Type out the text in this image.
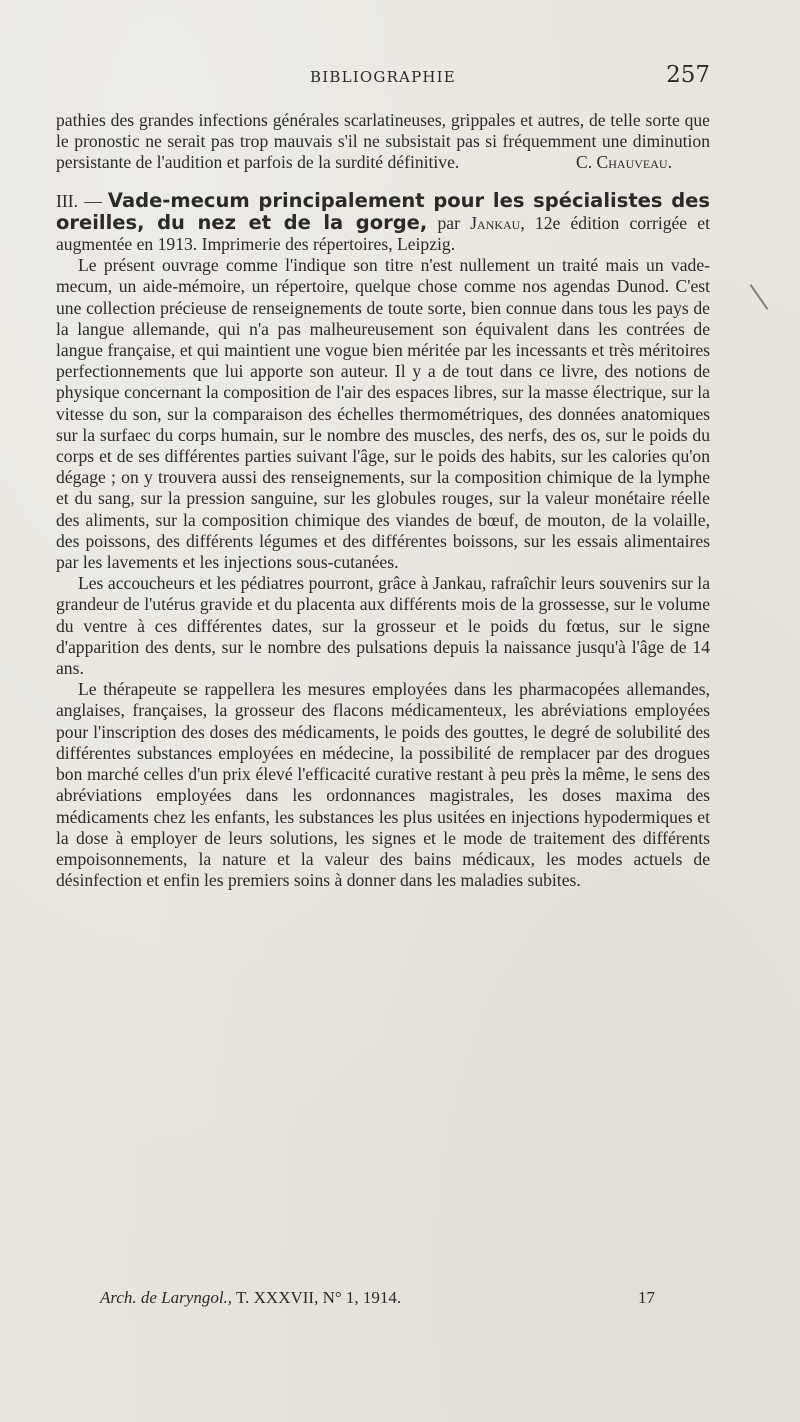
BIBLIOGRAPHIE	257

pathies des grandes infections générales scarlatineuses, grippales et autres, de telle sorte que le pronostic ne serait pas trop mauvais s'il ne subsistait pas si fréquemment une diminution persistante de l'audition et parfois de la surdité définitive.	C. Chauveau.

III. — Vade-mecum principalement pour les spécialistes des oreilles, du nez et de la gorge, par Jankau, 12e édition corrigée et augmentée en 1913. Imprimerie des répertoires, Leipzig.

Le présent ouvrage comme l'indique son titre n'est nullement un traité mais un vade-mecum, un aide-mémoire, un répertoire, quelque chose comme nos agendas Dunod. C'est une collection précieuse de renseignements de toute sorte, bien connue dans tous les pays de la langue allemande, qui n'a pas malheureusement son équivalent dans les contrées de langue française, et qui maintient une vogue bien méritée par les incessants et très méritoires perfectionnements que lui apporte son auteur. Il y a de tout dans ce livre, des notions de physique concernant la composition de l'air des espaces libres, sur la masse électrique, sur la vitesse du son, sur la comparaison des échelles thermométriques, des données anatomiques sur la surfaec du corps humain, sur le nombre des muscles, des nerfs, des os, sur le poids du corps et de ses différentes parties suivant l'âge, sur le poids des habits, sur les calories qu'on dégage ; on y trouvera aussi des renseignements, sur la composition chimique de la lymphe et du sang, sur la pression sanguine, sur les globules rouges, sur la valeur monétaire réelle des aliments, sur la composition chimique des viandes de bœuf, de mouton, de la volaille, des poissons, des différents légumes et des différentes boissons, sur les essais alimentaires par les lavements et les injections sous-cutanées.

Les accoucheurs et les pédiatres pourront, grâce à Jankau, rafraîchir leurs souvenirs sur la grandeur de l'utérus gravide et du placenta aux différents mois de la grossesse, sur le volume du ventre à ces différentes dates, sur la grosseur et le poids du fœtus, sur le signe d'apparition des dents, sur le nombre des pulsations depuis la naissance jusqu'à l'âge de 14 ans.

Le thérapeute se rappellera les mesures employées dans les pharmacopées allemandes, anglaises, françaises, la grosseur des flacons médicamenteux, les abréviations employées pour l'inscription des doses des médicaments, le poids des gouttes, le degré de solubilité des différentes substances employées en médecine, la possibilité de remplacer par des drogues bon marché celles d'un prix élevé l'efficacité curative restant à peu près la même, le sens des abréviations employées dans les ordonnances magistrales, les doses maxima des médicaments chez les enfants, les substances les plus usitées en injections hypodermiques et la dose à employer de leurs solutions, les signes et le mode de traitement des différents empoisonnements, la nature et la valeur des bains médicaux, les modes actuels de désinfection et enfin les premiers soins à donner dans les maladies subites.

Arch. de Laryngol., T. XXXVII, N° 1, 1914.	17
